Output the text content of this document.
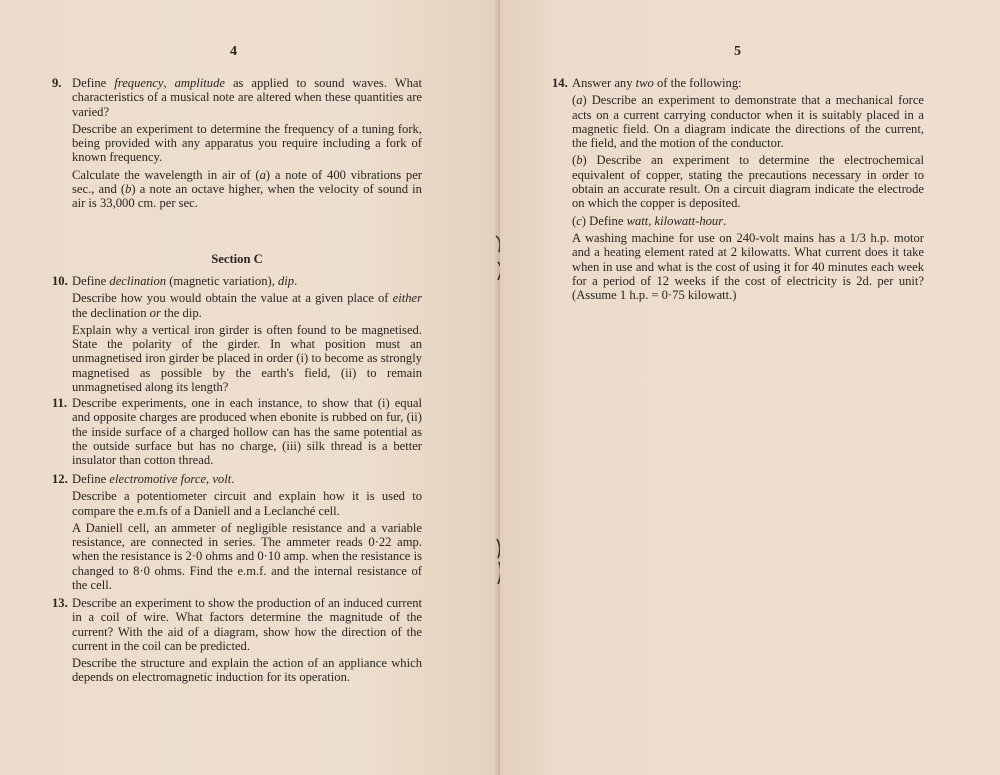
4

9. Define frequency, amplitude as applied to sound waves. What characteristics of a musical note are altered when these quantities are varied?

Describe an experiment to determine the frequency of a tuning fork, being provided with any apparatus you require including a fork of known frequency.

Calculate the wavelength in air of (a) a note of 400 vibrations per sec., and (b) a note an octave higher, when the velocity of sound in air is 33,000 cm. per sec.

Section C

10. Define declination (magnetic variation), dip.

Describe how you would obtain the value at a given place of either the declination or the dip.

Explain why a vertical iron girder is often found to be magnetised. State the polarity of the girder. In what position must an unmagnetised iron girder be placed in order (i) to become as strongly magnetised as possible by the earth's field, (ii) to remain unmagnetised along its length?

11. Describe experiments, one in each instance, to show that (i) equal and opposite charges are produced when ebonite is rubbed on fur, (ii) the inside surface of a charged hollow can has the same potential as the outside surface but has no charge, (iii) silk thread is a better insulator than cotton thread.

12. Define electromotive force, volt.

Describe a potentiometer circuit and explain how it is used to compare the e.m.fs of a Daniell and a Leclanché cell.

A Daniell cell, an ammeter of negligible resistance and a variable resistance, are connected in series. The ammeter reads 0·22 amp. when the resistance is 2·0 ohms and 0·10 amp. when the resistance is changed to 8·0 ohms. Find the e.m.f. and the internal resistance of the cell.

13. Describe an experiment to show the production of an induced current in a coil of wire. What factors determine the magnitude of the current? With the aid of a diagram, show how the direction of the current in the coil can be predicted.

Describe the structure and explain the action of an appliance which depends on electromagnetic induction for its operation.

5

14. Answer any two of the following:

(a) Describe an experiment to demonstrate that a mechanical force acts on a current carrying conductor when it is suitably placed in a magnetic field. On a diagram indicate the directions of the current, the field, and the motion of the conductor.

(b) Describe an experiment to determine the electrochemical equivalent of copper, stating the precautions necessary in order to obtain an accurate result. On a circuit diagram indicate the electrode on which the copper is deposited.

(c) Define watt, kilowatt-hour.

A washing machine for use on 240-volt mains has a 1/3 h.p. motor and a heating element rated at 2 kilowatts. What current does it take when in use and what is the cost of using it for 40 minutes each week for a period of 12 weeks if the cost of electricity is 2d. per unit? (Assume 1 h.p. = 0·75 kilowatt.)
